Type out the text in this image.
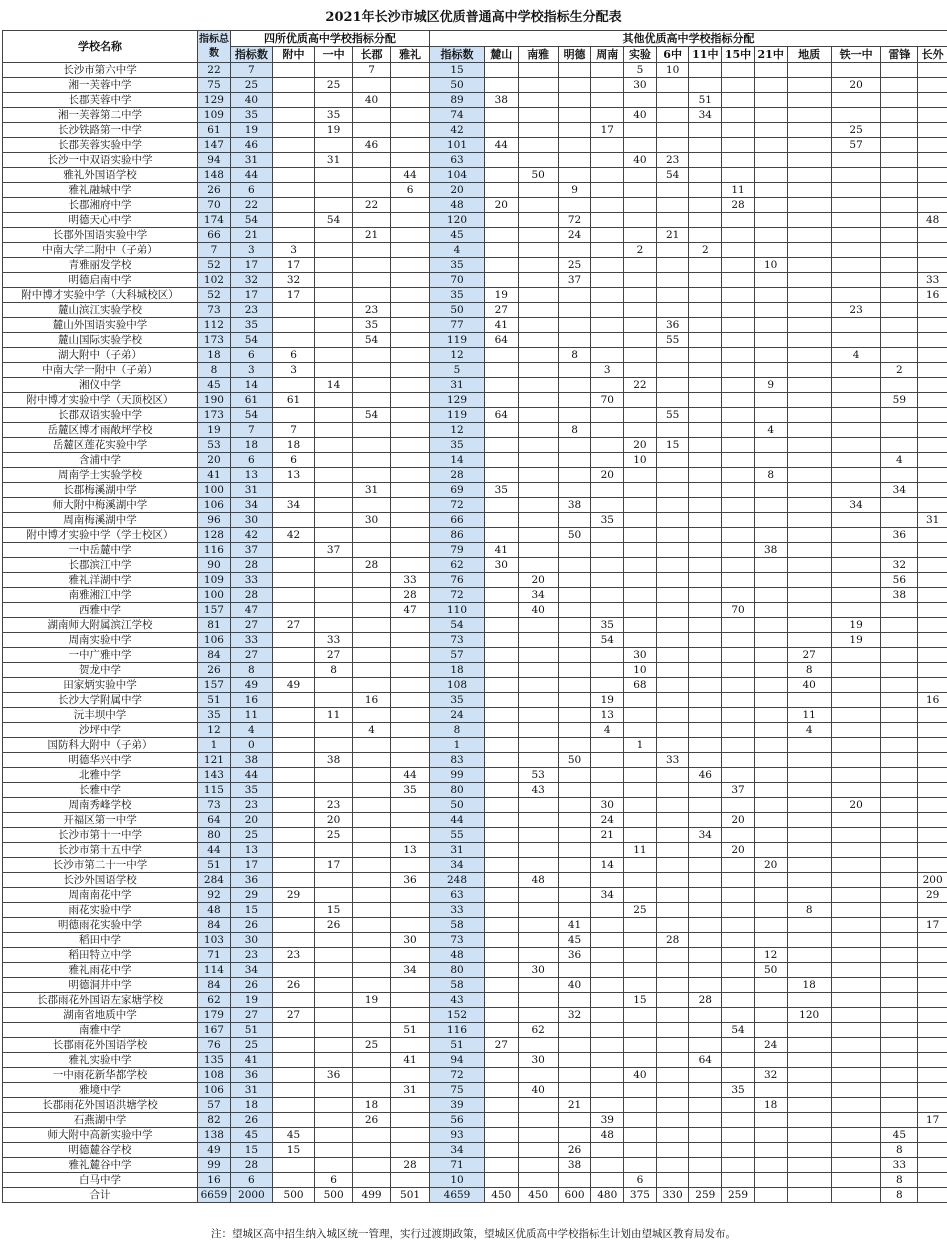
2021年长沙市城区优质普通高中学校指标生分配表
学校名称	指标总数	四所优质高中学校指标分配					其他优质高中学校指标分配													
		指标数	附中	一中	长郡	雅礼	指标数	麓山	南雅	明德	周南	实验	6中	11中	15中	21中	地质	铁一中	雷锋	长外
长沙市第六中学	22	7			7		15					5	10							
湘一芙蓉中学	75	25		25			50					30						20		
长郡芙蓉中学	129	40			40		89	38						51						
湘一芙蓉第二中学	109	35		35			74					40		34						
长沙铁路第一中学	61	19		19			42				17							25		
长郡芙蓉实验中学	147	46			46		101	44										57		
长沙一中双语实验中学	94	31		31			63					40	23							
雅礼外国语学校	148	44				44	104		50				54							
雅礼融城中学	26	6				6	20			9					11					
长郡湘府中学	70	22			22		48	20							28					
明德天心中学	174	54		54			120			72										48
长郡外国语实验中学	66	21			21		45			24			21							
中南大学二附中（子弟）	7	3	3				4					2		2						
青雅丽发学校	52	17	17				35			25						10				
明德启南中学	102	32	32				70			37										33
附中博才实验中学（大科城校区）	52	17	17				35	19												16
麓山滨江实验学校	73	23			23		50	27										23		
麓山外国语实验中学	112	35			35		77	41					36							
麓山国际实验学校	173	54			54		119	64					55							
湖大附中（子弟）	18	6	6				12			8								4		
中南大学一附中（子弟）	8	3	3				5				3								2	
湘仪中学	45	14		14			31					22				9				
附中博才实验中学（天顶校区）	190	61	61				129				70								59	
长郡双语实验中学	173	54			54		119	64					55							
岳麓区博才雨敞坪学校	19	7	7				12			8						4				
岳麓区莲花实验中学	53	18	18				35					20	15							
含浦中学	20	6	6				14					10							4	
周南学士实验学校	41	13	13				28				20					8				
长郡梅溪湖中学	100	31			31		69	35											34	
师大附中梅溪湖中学	106	34	34				72			38								34		
周南梅溪湖中学	96	30			30		66				35									31
附中博才实验中学（学士校区）	128	42	42				86			50									36	
一中岳麓中学	116	37		37			79	41								38				
长郡滨江中学	90	28			28		62	30											32	
雅礼洋湖中学	109	33				33	76		20										56	
南雅湘江中学	100	28				28	72		34										38	
西雅中学	157	47				47	110		40						70					
湖南师大附属滨江学校	81	27	27				54				35							19		
周南实验中学	106	33		33			73				54							19		
一中广雅中学	84	27		27			57					30					27			
贺龙中学	26	8		8			18					10					8			
田家炳实验中学	157	49	49				108					68					40			
长沙大学附属中学	51	16			16		35				19									16
沅丰坝中学	35	11		11			24				13						11			
沙坪中学	12	4			4		8				4						4			
国防科大附中（子弟）	1	0					1					1								
明德华兴中学	121	38		38			83			50			33							
北雅中学	143	44				44	99		53					46						
长雅中学	115	35				35	80		43						37					
周南秀峰学校	73	23		23			50				30							20		
开福区第一中学	64	20		20			44				24				20					
长沙市第十一中学	80	25		25			55				21			34						
长沙市第十五中学	44	13				13	31					11			20					
长沙市第二十一中学	51	17		17			34				14					20				
长沙外国语学校	284	36				36	248		48											200
周南南花中学	92	29	29				63				34									29
雨花实验中学	48	15		15			33					25					8			
明德雨花实验中学	84	26		26			58			41										17
稻田中学	103	30				30	73			45			28							
稻田特立中学	71	23	23				48			36						12				
雅礼雨花中学	114	34				34	80		30							50				
明德洞井中学	84	26	26				58			40							18			
长郡雨花外国语左家塘学校	62	19			19		43					15		28						
湖南省地质中学	179	27	27				152			32							120			
南雅中学	167	51				51	116		62						54					
长郡雨花外国语学校	76	25			25		51	27								24				
雅礼实验中学	135	41				41	94		30					64						
一中雨花新华都学校	108	36		36			72					40				32				
雅境中学	106	31				31	75		40						35					
长郡雨花外国语洪塘学校	57	18			18		39			21						18				
石燕湖中学	82	26			26		56				39									17
师大附中高新实验中学	138	45	45				93				48								45	
明德麓谷学校	49	15	15				34			26									8	
雅礼麓谷中学	99	28				28	71			38									33	
白马中学	16	6		6			10					6							8	
合计	6659	2000	500	500	499	501	4659	450	450	600	480	375	330	259	259				8	
注：望城区高中招生纳入城区统一管理，实行过渡期政策，望城区优质高中学校指标生计划由望城区教育局发布。
